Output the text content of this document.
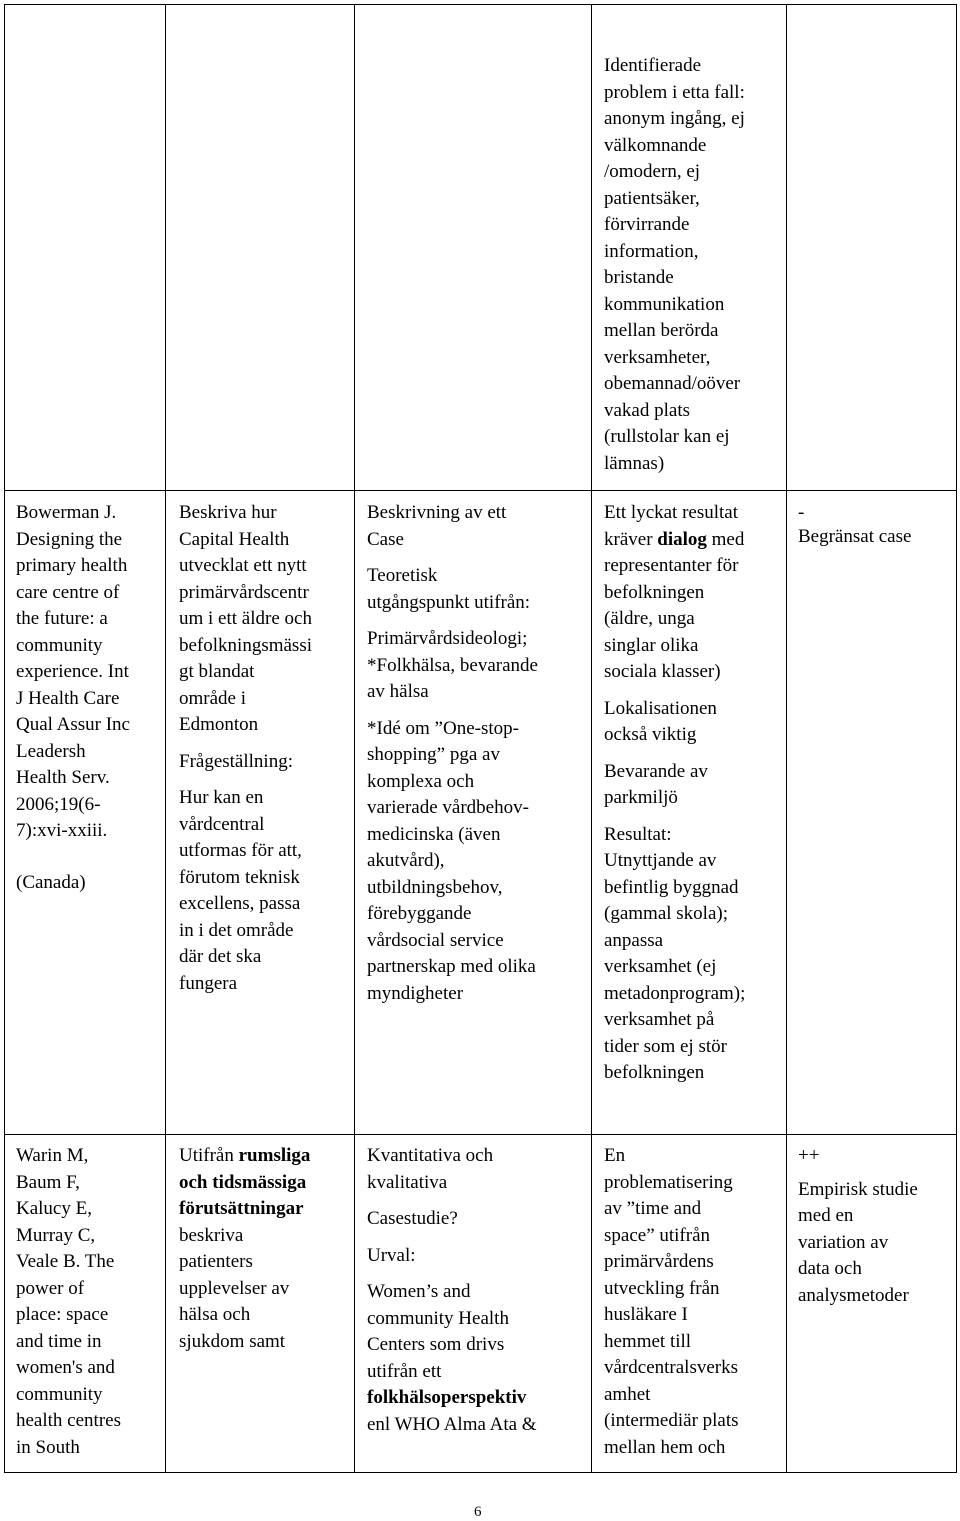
Identifierade
problem i etta fall:
anonym ingång, ej
välkomnande
/omodern, ej
patientsäker,
förvirrande
information,
bristande
kommunikation
mellan berörda
verksamheter,
obemannad/oöver
vakad plats
(rullstolar kan ej
lämnas)
Bowerman J.
Designing the
primary health
care centre of
the future: a
community
experience. Int
J Health Care
Qual Assur Inc
Leadersh
Health Serv.
2006;19(6-
7):xvi-xxiii.
(Canada)
Beskriva hur
Capital Health
utvecklat ett nytt
primärvårdscentr
um i ett äldre och
befolkningsmässi
gt blandat
område i
Edmonton
Frågeställning:
Hur kan en
vårdcentral
utformas för att,
förutom teknisk
excellens, passa
in i det område
där det ska
fungera
Beskrivning av ett
Case
Teoretisk
utgångspunkt utifrån:
Primärvårdsideologi;
*Folkhälsa, bevarande
av hälsa
*Idé om ”One-stop-
shopping” pga av
komplexa och
varierade vårdbehov-
medicinska (även
akutvård),
utbildningsbehov,
förebyggande
vårdsocial service
partnerskap med olika
myndigheter
Ett lyckat resultat
kräver dialog med
representanter för
befolkningen
(äldre, unga
singlar olika
sociala klasser)
Lokalisationen
också viktig
Bevarande av
parkmiljö
Resultat:
Utnyttjande av
befintlig byggnad
(gammal skola);
anpassa
verksamhet (ej
metadonprogram);
verksamhet på
tider som ej stör
befolkningen
-
Begränsat case
Warin M,
Baum F,
Kalucy E,
Murray C,
Veale B. The
power of
place: space
and time in
women's and
community
health centres
in South
Utifrån rumsliga
och tidsmässiga
förutsättningar
beskriva
patienters
upplevelser av
hälsa och
sjukdom samt
Kvantitativa och
kvalitativa
Casestudie?
Urval:
Women’s and
community Health
Centers som drivs
utifrån ett
folkhälsoperspektiv
enl WHO Alma Ata &
En
problematisering
av ”time and
space” utifrån
primärvårdens
utveckling från
husläkare I
hemmet till
vårdcentralsverks
amhet
(intermediär plats
mellan hem och
++
Empirisk studie
med en
variation av
data och
analysmetoder
6
